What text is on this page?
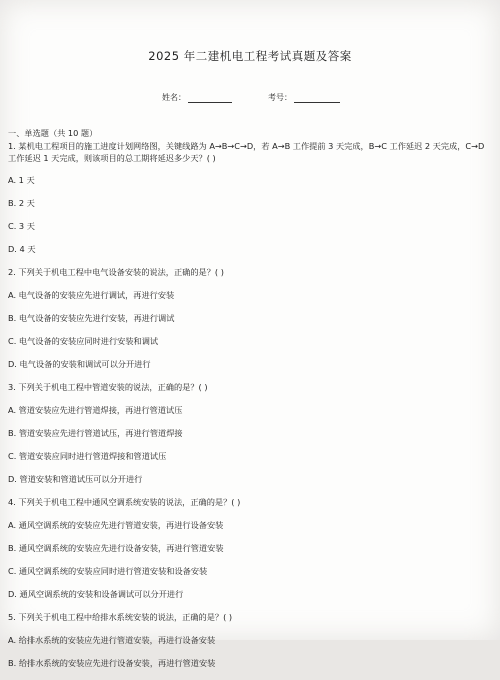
2025 年二建机电工程考试真题及答案
姓名：	考号：
一、单选题（共 10 题）
1. 某机电工程项目的施工进度计划网络图，关键线路为 A→B→C→D，若 A→B 工作提前 3 天完成，B→C 工作延迟 2 天完成，C→D 工作延迟 1 天完成，则该项目的总工期将延迟多少天？( )
A. 1 天
B. 2 天
C. 3 天
D. 4 天
2. 下列关于机电工程中电气设备安装的说法，正确的是？( )
A. 电气设备的安装应先进行调试，再进行安装
B. 电气设备的安装应先进行安装，再进行调试
C. 电气设备的安装应同时进行安装和调试
D. 电气设备的安装和调试可以分开进行
3. 下列关于机电工程中管道安装的说法，正确的是？( )
A. 管道安装应先进行管道焊接，再进行管道试压
B. 管道安装应先进行管道试压，再进行管道焊接
C. 管道安装应同时进行管道焊接和管道试压
D. 管道安装和管道试压可以分开进行
4. 下列关于机电工程中通风空调系统安装的说法，正确的是？( )
A. 通风空调系统的安装应先进行管道安装，再进行设备安装
B. 通风空调系统的安装应先进行设备安装，再进行管道安装
C. 通风空调系统的安装应同时进行管道安装和设备安装
D. 通风空调系统的安装和设备调试可以分开进行
5. 下列关于机电工程中给排水系统安装的说法，正确的是？( )
A. 给排水系统的安装应先进行管道安装，再进行设备安装
B. 给排水系统的安装应先进行设备安装，再进行管道安装
